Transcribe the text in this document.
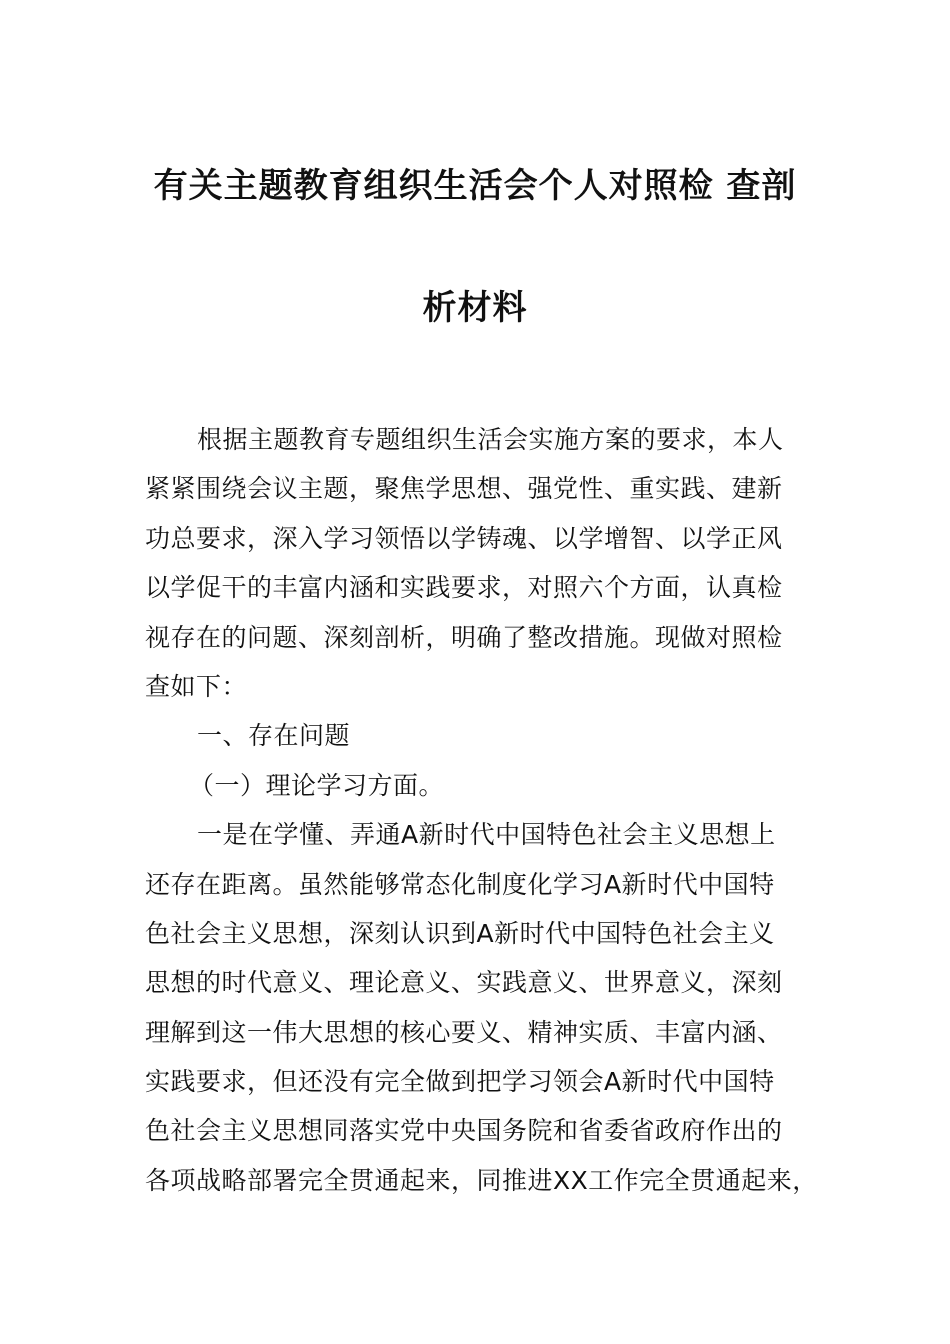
有关主题教育组织生活会个人对照检 查剖
析材料
根据主题教育专题组织生活会实施方案的要求，本人
紧紧围绕会议主题，聚焦学思想、强党性、重实践、建新
功总要求，深入学习领悟以学铸魂、以学增智、以学正风
以学促干的丰富内涵和实践要求，对照六个方面，认真检
视存在的问题、深刻剖析，明确了整改措施。现做对照检
查如下：
一、存在问题
（一）理论学习方面。
一是在学懂、弄通A新时代中国特色社会主义思想上
还存在距离。虽然能够常态化制度化学习A新时代中国特
色社会主义思想，深刻认识到A新时代中国特色社会主义
思想的时代意义、理论意义、实践意义、世界意义，深刻
理解到这一伟大思想的核心要义、精神实质、丰富内涵、
实践要求，但还没有完全做到把学习领会A新时代中国特
色社会主义思想同落实党中央国务院和省委省政府作出的
各项战略部署完全贯通起来，同推进XX工作完全贯通起来，
